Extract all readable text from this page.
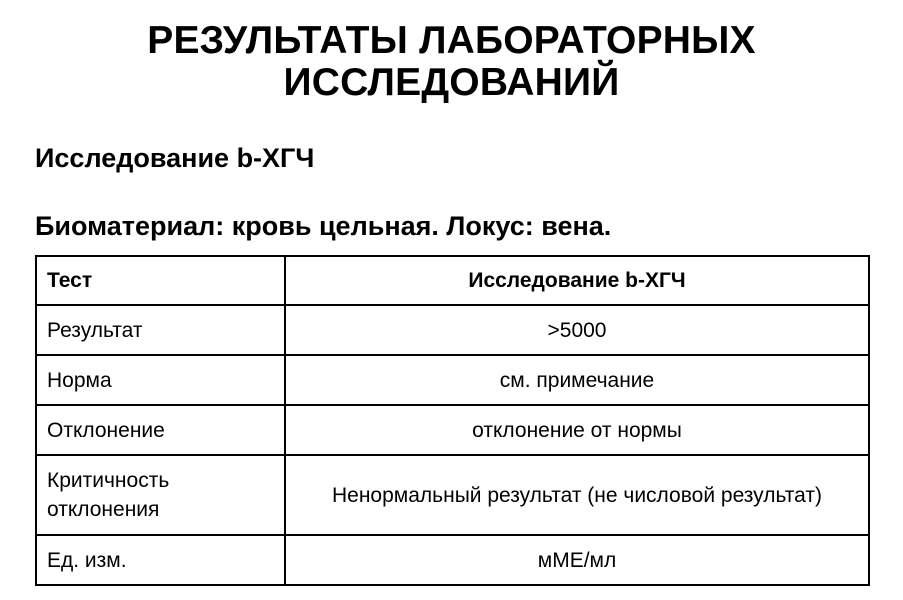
РЕЗУЛЬТАТЫ ЛАБОРАТОРНЫХ
ИССЛЕДОВАНИЙ
Исследование b-ХГЧ
Биоматериал: кровь цельная. Локус: вена.
Тест	Исследование b-ХГЧ
Результат	>5000
Норма	см. примечание
Отклонение	отклонение от нормы
Критичность отклонения	Ненормальный результат (не числовой результат)
Ед. изм.	мМЕ/мл
